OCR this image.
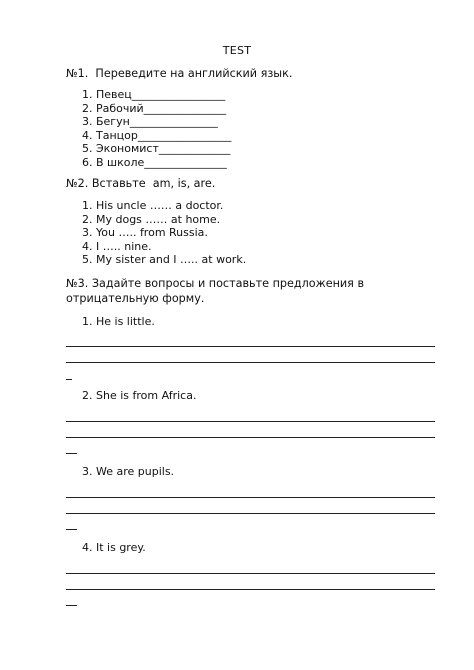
TEST
№1.  Переведите на английский язык.
1. Певец_________________
2. Рабочий_______________
3. Бегун________________
4. Танцор_________________
5. Экономист_____________
6. В школе_______________
№2. Вставьте  am, is, are.
1. His uncle …… a doctor.
2. My dogs …… at home.
3. You ….. from Russia.
4. I ….. nine.
5. My sister and I ….. at work.
№3. Задайте вопросы и поставьте предложения в отрицательную форму.
1. He is little.
2. She is from Africa.
3. We are pupils.
4. It is grey.
